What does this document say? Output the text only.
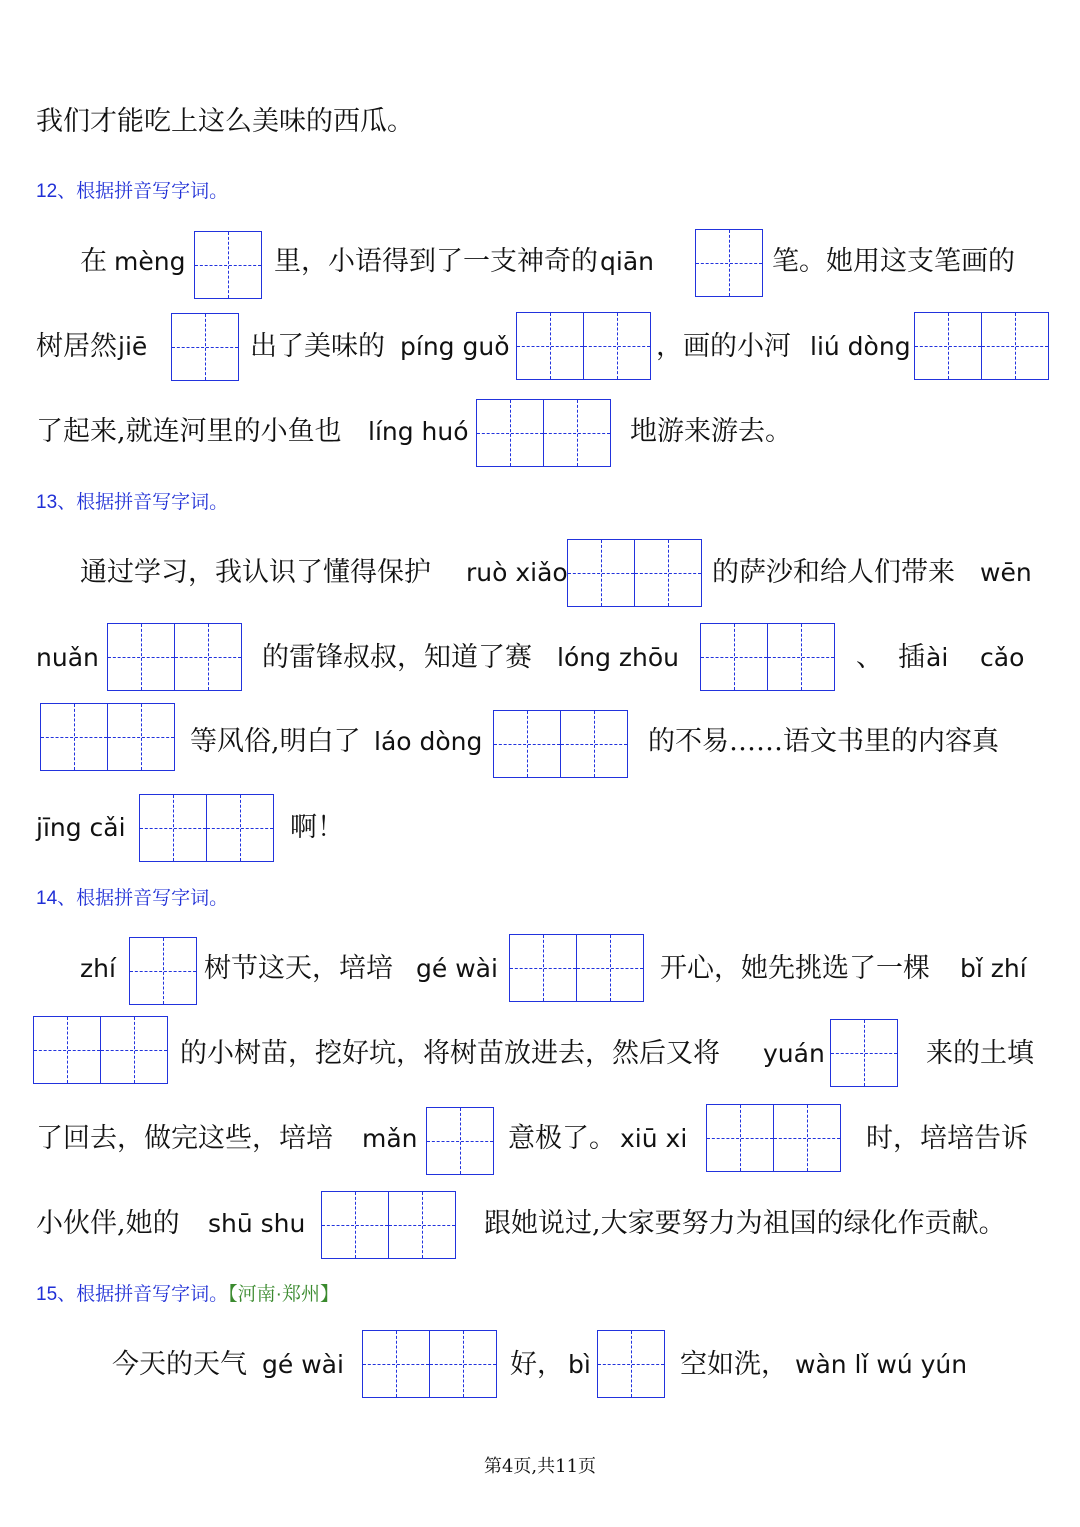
我们才能吃上这么美味的西瓜。
12、根据拼音写字词。
在 mèng	里，小语得到了一支神奇的 qiān	笔。她用这支笔画的
树居然 jiē	出了美味的 píng guǒ	，画的小河 liú dòng
了起来,就连河里的小鱼也 líng huó	地游来游去。
13、根据拼音写字词。
通过学习，我认识了懂得保护 ruò xiǎo	的萨沙和给人们带来 wēn
nuǎn	的雷锋叔叔，知道了赛 lóng zhōu	、 插 ài cǎo
等风俗,明白了 láo dòng	的不易……语文书里的内容真
jīng cǎi	啊！
14、根据拼音写字词。
zhí	树节这天，培培 gé wài	开心，她先挑选了一棵 bǐ zhí
的小树苗，挖好坑，将树苗放进去，然后又将 yuán	来的土填
了回去，做完这些，培培 mǎn	意极了。 xiū xi	时，培培告诉
小伙伴,她的 shū shu	跟她说过,大家要努力为祖国的绿化作贡献。
15、根据拼音写字词。【河南·郑州】
今天的天气 gé wài	好， bì	空如洗， wàn lǐ wú yún
第4页,共11页
